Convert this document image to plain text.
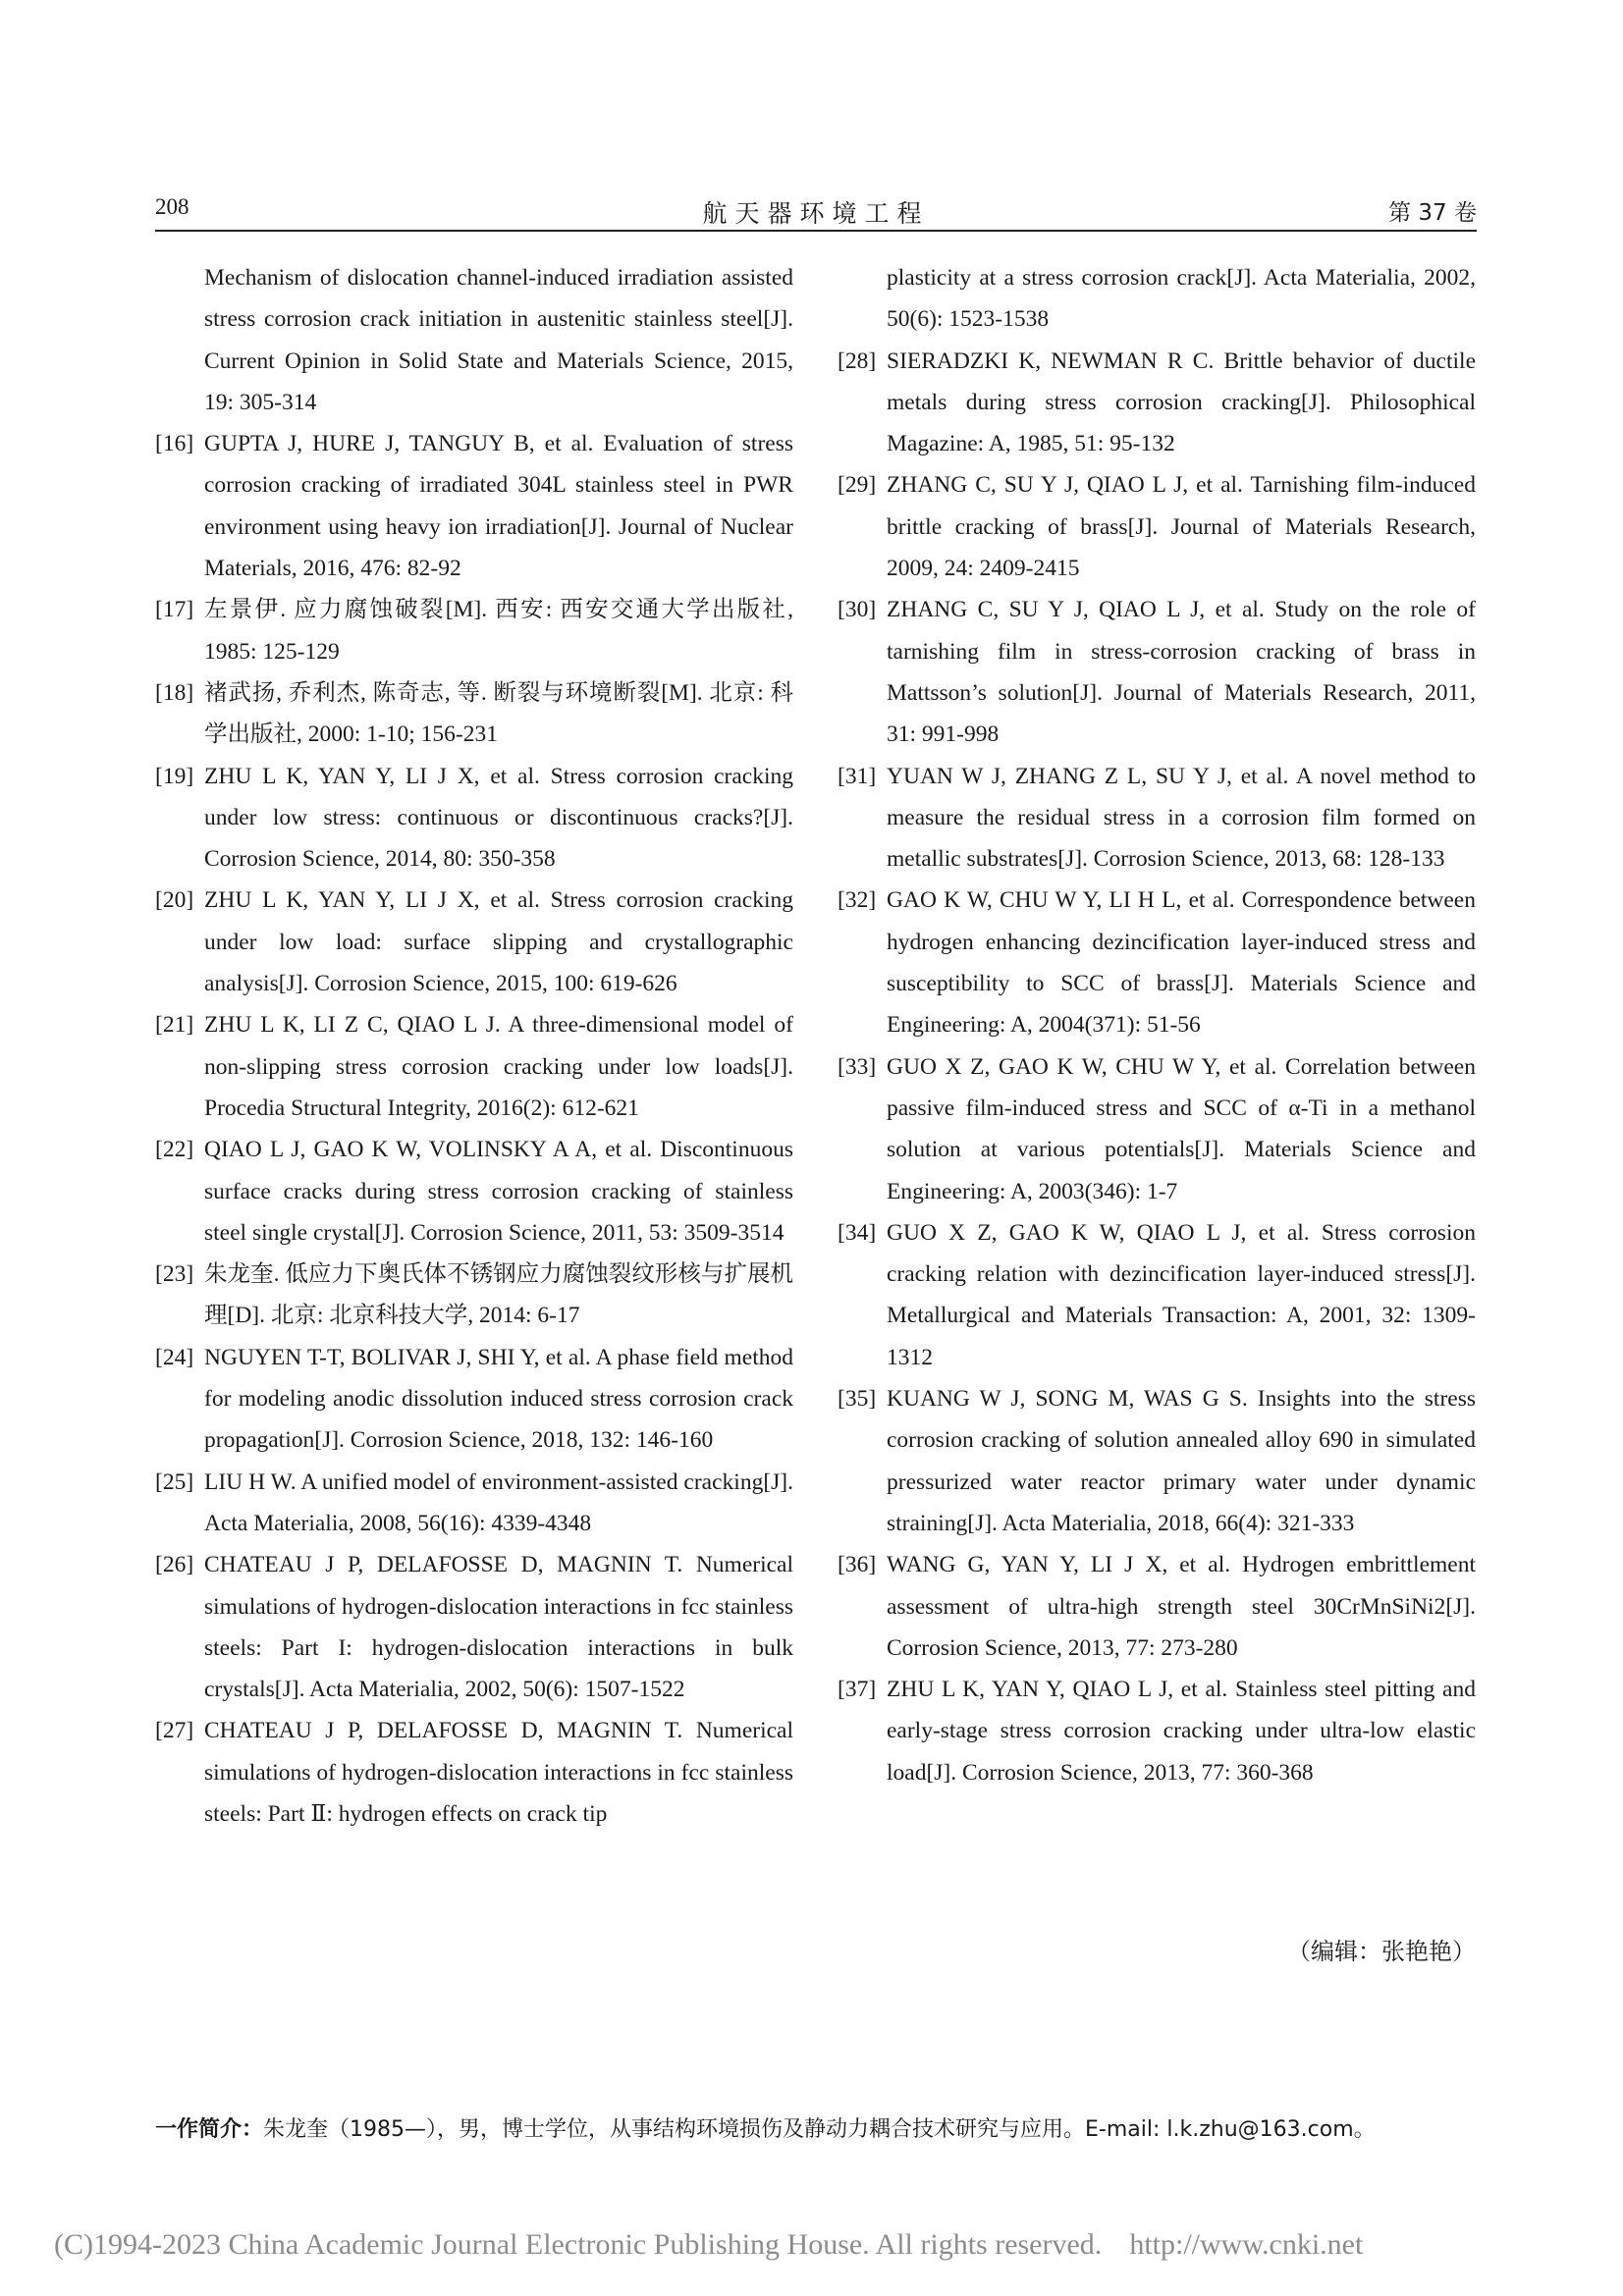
208	航天器环境工程	第 37 卷
Mechanism of dislocation channel-induced irradiation assisted stress corrosion crack initiation in austenitic stainless steel[J]. Current Opinion in Solid State and Materials Science, 2015, 19: 305-314
[16] GUPTA J, HURE J, TANGUY B, et al. Evaluation of stress corrosion cracking of irradiated 304L stainless steel in PWR environment using heavy ion irradiation[J]. Journal of Nuclear Materials, 2016, 476: 82-92
[17] 左景伊. 应力腐蚀破裂[M]. 西安: 西安交通大学出版社, 1985: 125-129
[18] 褚武扬, 乔利杰, 陈奇志, 等. 断裂与环境断裂[M]. 北京: 科学出版社, 2000: 1-10; 156-231
[19] ZHU L K, YAN Y, LI J X, et al. Stress corrosion cracking under low stress: continuous or discontinuous cracks?[J]. Corrosion Science, 2014, 80: 350-358
[20] ZHU L K, YAN Y, LI J X, et al. Stress corrosion cracking under low load: surface slipping and crystallographic analysis[J]. Corrosion Science, 2015, 100: 619-626
[21] ZHU L K, LI Z C, QIAO L J. A three-dimensional model of non-slipping stress corrosion cracking under low loads[J]. Procedia Structural Integrity, 2016(2): 612-621
[22] QIAO L J, GAO K W, VOLINSKY A A, et al. Discontinuous surface cracks during stress corrosion cracking of stainless steel single crystal[J]. Corrosion Science, 2011, 53: 3509-3514
[23] 朱龙奎. 低应力下奥氏体不锈钢应力腐蚀裂纹形核与扩展机理[D]. 北京: 北京科技大学, 2014: 6-17
[24] NGUYEN T-T, BOLIVAR J, SHI Y, et al. A phase field method for modeling anodic dissolution induced stress corrosion crack propagation[J]. Corrosion Science, 2018, 132: 146-160
[25] LIU H W. A unified model of environment-assisted cracking[J]. Acta Materialia, 2008, 56(16): 4339-4348
[26] CHATEAU J P, DELAFOSSE D, MAGNIN T. Numerical simulations of hydrogen-dislocation interactions in fcc stainless steels: Part I: hydrogen-dislocation interactions in bulk crystals[J]. Acta Materialia, 2002, 50(6): 1507-1522
[27] CHATEAU J P, DELAFOSSE D, MAGNIN T. Numerical simulations of hydrogen-dislocation interactions in fcc stainless steels: Part Ⅱ: hydrogen effects on crack tip
plasticity at a stress corrosion crack[J]. Acta Materialia, 2002, 50(6): 1523-1538
[28] SIERADZKI K, NEWMAN R C. Brittle behavior of ductile metals during stress corrosion cracking[J]. Philosophical Magazine: A, 1985, 51: 95-132
[29] ZHANG C, SU Y J, QIAO L J, et al. Tarnishing film-induced brittle cracking of brass[J]. Journal of Materials Research, 2009, 24: 2409-2415
[30] ZHANG C, SU Y J, QIAO L J, et al. Study on the role of tarnishing film in stress-corrosion cracking of brass in Mattsson’s solution[J]. Journal of Materials Research, 2011, 31: 991-998
[31] YUAN W J, ZHANG Z L, SU Y J, et al. A novel method to measure the residual stress in a corrosion film formed on metallic substrates[J]. Corrosion Science, 2013, 68: 128-133
[32] GAO K W, CHU W Y, LI H L, et al. Correspondence between hydrogen enhancing dezincification layer-induced stress and susceptibility to SCC of brass[J]. Materials Science and Engineering: A, 2004(371): 51-56
[33] GUO X Z, GAO K W, CHU W Y, et al. Correlation between passive film-induced stress and SCC of α-Ti in a methanol solution at various potentials[J]. Materials Science and Engineering: A, 2003(346): 1-7
[34] GUO X Z, GAO K W, QIAO L J, et al. Stress corrosion cracking relation with dezincification layer-induced stress[J]. Metallurgical and Materials Transaction: A, 2001, 32: 1309-1312
[35] KUANG W J, SONG M, WAS G S. Insights into the stress corrosion cracking of solution annealed alloy 690 in simulated pressurized water reactor primary water under dynamic straining[J]. Acta Materialia, 2018, 66(4): 321-333
[36] WANG G, YAN Y, LI J X, et al. Hydrogen embrittlement assessment of ultra-high strength steel 30CrMnSiNi2[J]. Corrosion Science, 2013, 77: 273-280
[37] ZHU L K, YAN Y, QIAO L J, et al. Stainless steel pitting and early-stage stress corrosion cracking under ultra-low elastic load[J]. Corrosion Science, 2013, 77: 360-368
（编辑：张艳艳）
一作简介：朱龙奎（1985—），男，博士学位，从事结构环境损伤及静动力耦合技术研究与应用。E-mail: l.k.zhu@163.com。
(C)1994-2023 China Academic Journal Electronic Publishing House. All rights reserved. http://www.cnki.net
